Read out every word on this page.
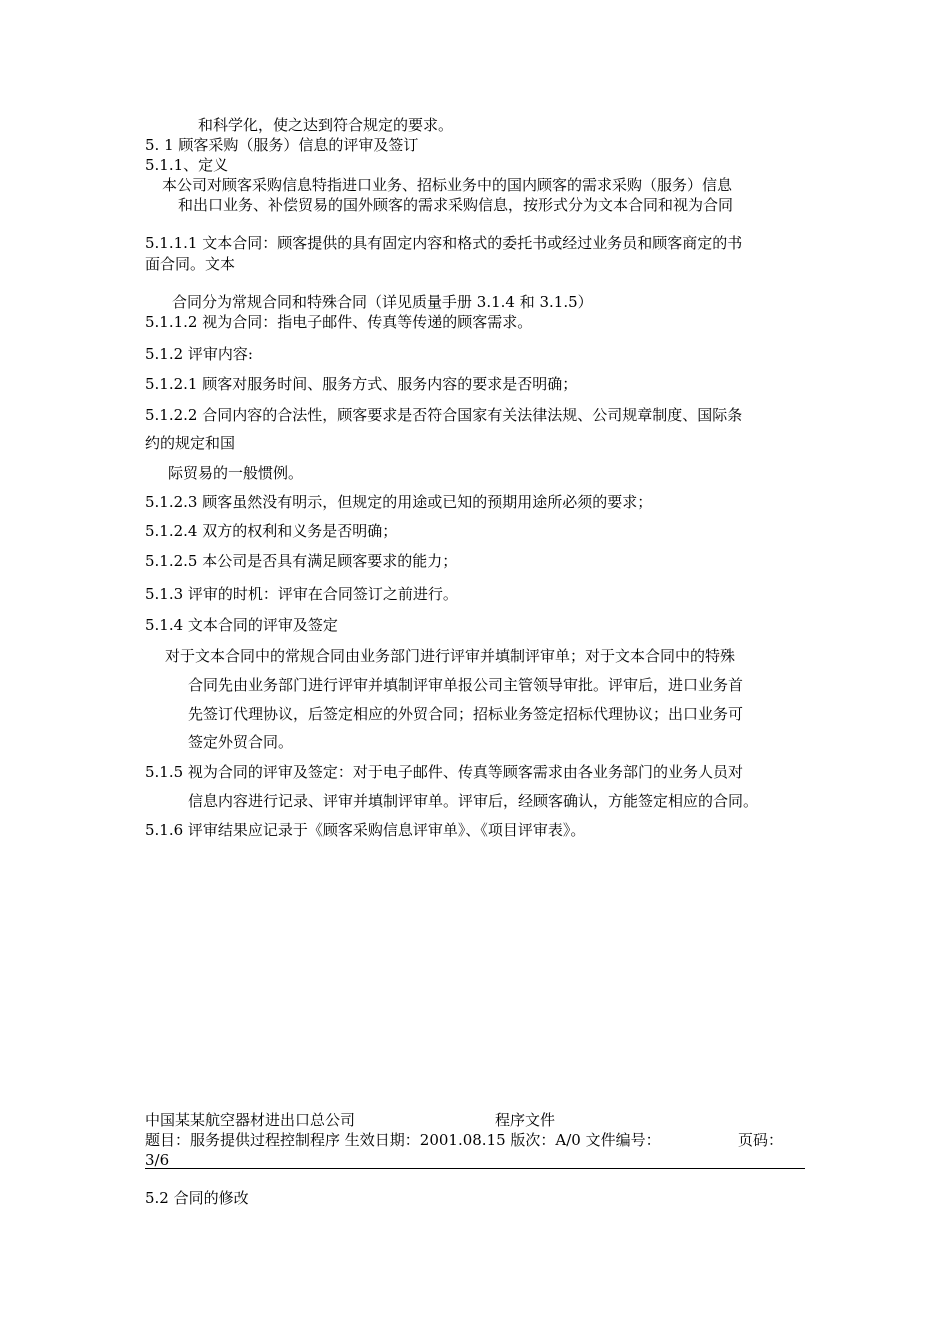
和科学化，使之达到符合规定的要求。

5. 1 顾客采购（服务）信息的评审及签订

5.1.1、定义

本公司对顾客采购信息特指进口业务、招标业务中的国内顾客的需求采购（服务）信息

和出口业务、补偿贸易的国外顾客的需求采购信息，按形式分为文本合同和视为合同

5.1.1.1 文本合同：顾客提供的具有固定内容和格式的委托书或经过业务员和顾客商定的书

面合同。文本

合同分为常规合同和特殊合同（详见质量手册 3.1.4 和 3.1.5）

5.1.1.2 视为合同：指电子邮件、传真等传递的顾客需求。

5.1.2 评审内容:

5.1.2.1 顾客对服务时间、服务方式、服务内容的要求是否明确；

5.1.2.2 合同内容的合法性，顾客要求是否符合国家有关法律法规、公司规章制度、国际条

约的规定和国

际贸易的一般惯例。

5.1.2.3 顾客虽然没有明示，但规定的用途或已知的预期用途所必须的要求；

5.1.2.4 双方的权利和义务是否明确；

5.1.2.5 本公司是否具有满足顾客要求的能力；

5.1.3 评审的时机：评审在合同签订之前进行。

5.1.4 文本合同的评审及签定

对于文本合同中的常规合同由业务部门进行评审并填制评审单；对于文本合同中的特殊

合同先由业务部门进行评审并填制评审单报公司主管领导审批。评审后，进口业务首

先签订代理协议，后签定相应的外贸合同；招标业务签定招标代理协议；出口业务可

签定外贸合同。

5.1.5 视为合同的评审及签定：对于电子邮件、传真等顾客需求由各业务部门的业务人员对

信息内容进行记录、评审并填制评审单。评审后，经顾客确认，方能签定相应的合同。

5.1.6 评审结果应记录于《顾客采购信息评审单》、《项目评审表》。

中国某某航空器材进出口总公司	程序文件

题目：服务提供过程控制程序 生效日期：2001.08.15 版次：A/0 文件编号：	页码：

3/6

5.2 合同的修改
